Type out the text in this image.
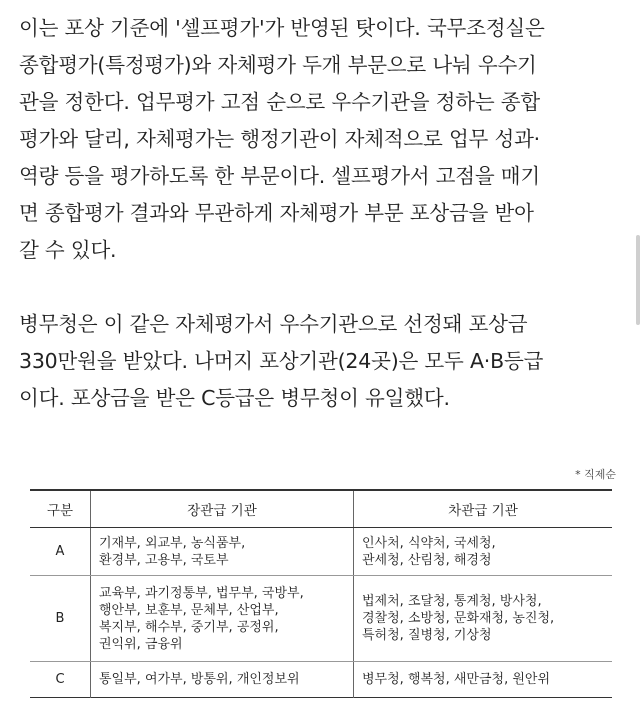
이는 포상 기준에 '셀프평가'가 반영된 탓이다. 국무조정실은
종합평가(특정평가)와 자체평가 두개 부문으로 나눠 우수기
관을 정한다. 업무평가 고점 순으로 우수기관을 정하는 종합
평가와 달리, 자체평가는 행정기관이 자체적으로 업무 성과·
역량 등을 평가하도록 한 부문이다. 셀프평가서 고점을 매기
면 종합평가 결과와 무관하게 자체평가 부문 포상금을 받아
갈 수 있다.

병무청은 이 같은 자체평가서 우수기관으로 선정돼 포상금
330만원을 받았다. 나머지 포상기관(24곳)은 모두 A·B등급
이다. 포상금을 받은 C등급은 병무청이 유일했다.

* 직제순
구분	장관급 기관	차관급 기관
A	기재부, 외교부, 농식품부,
환경부, 고용부, 국토부	인사처, 식약처, 국세청,
관세청, 산림청, 해경청

B	교육부, 과기정통부, 법무부, 국방부,
행안부, 보훈부, 문체부, 산업부,
복지부, 해수부, 중기부, 공정위,
권익위, 금융위	법제처, 조달청, 통계청, 방사청,
경찰청, 소방청, 문화재청, 농진청,
특허청, 질병청, 기상청

C	통일부, 여가부, 방통위, 개인정보위	병무청, 행복청, 새만금청, 원안위
